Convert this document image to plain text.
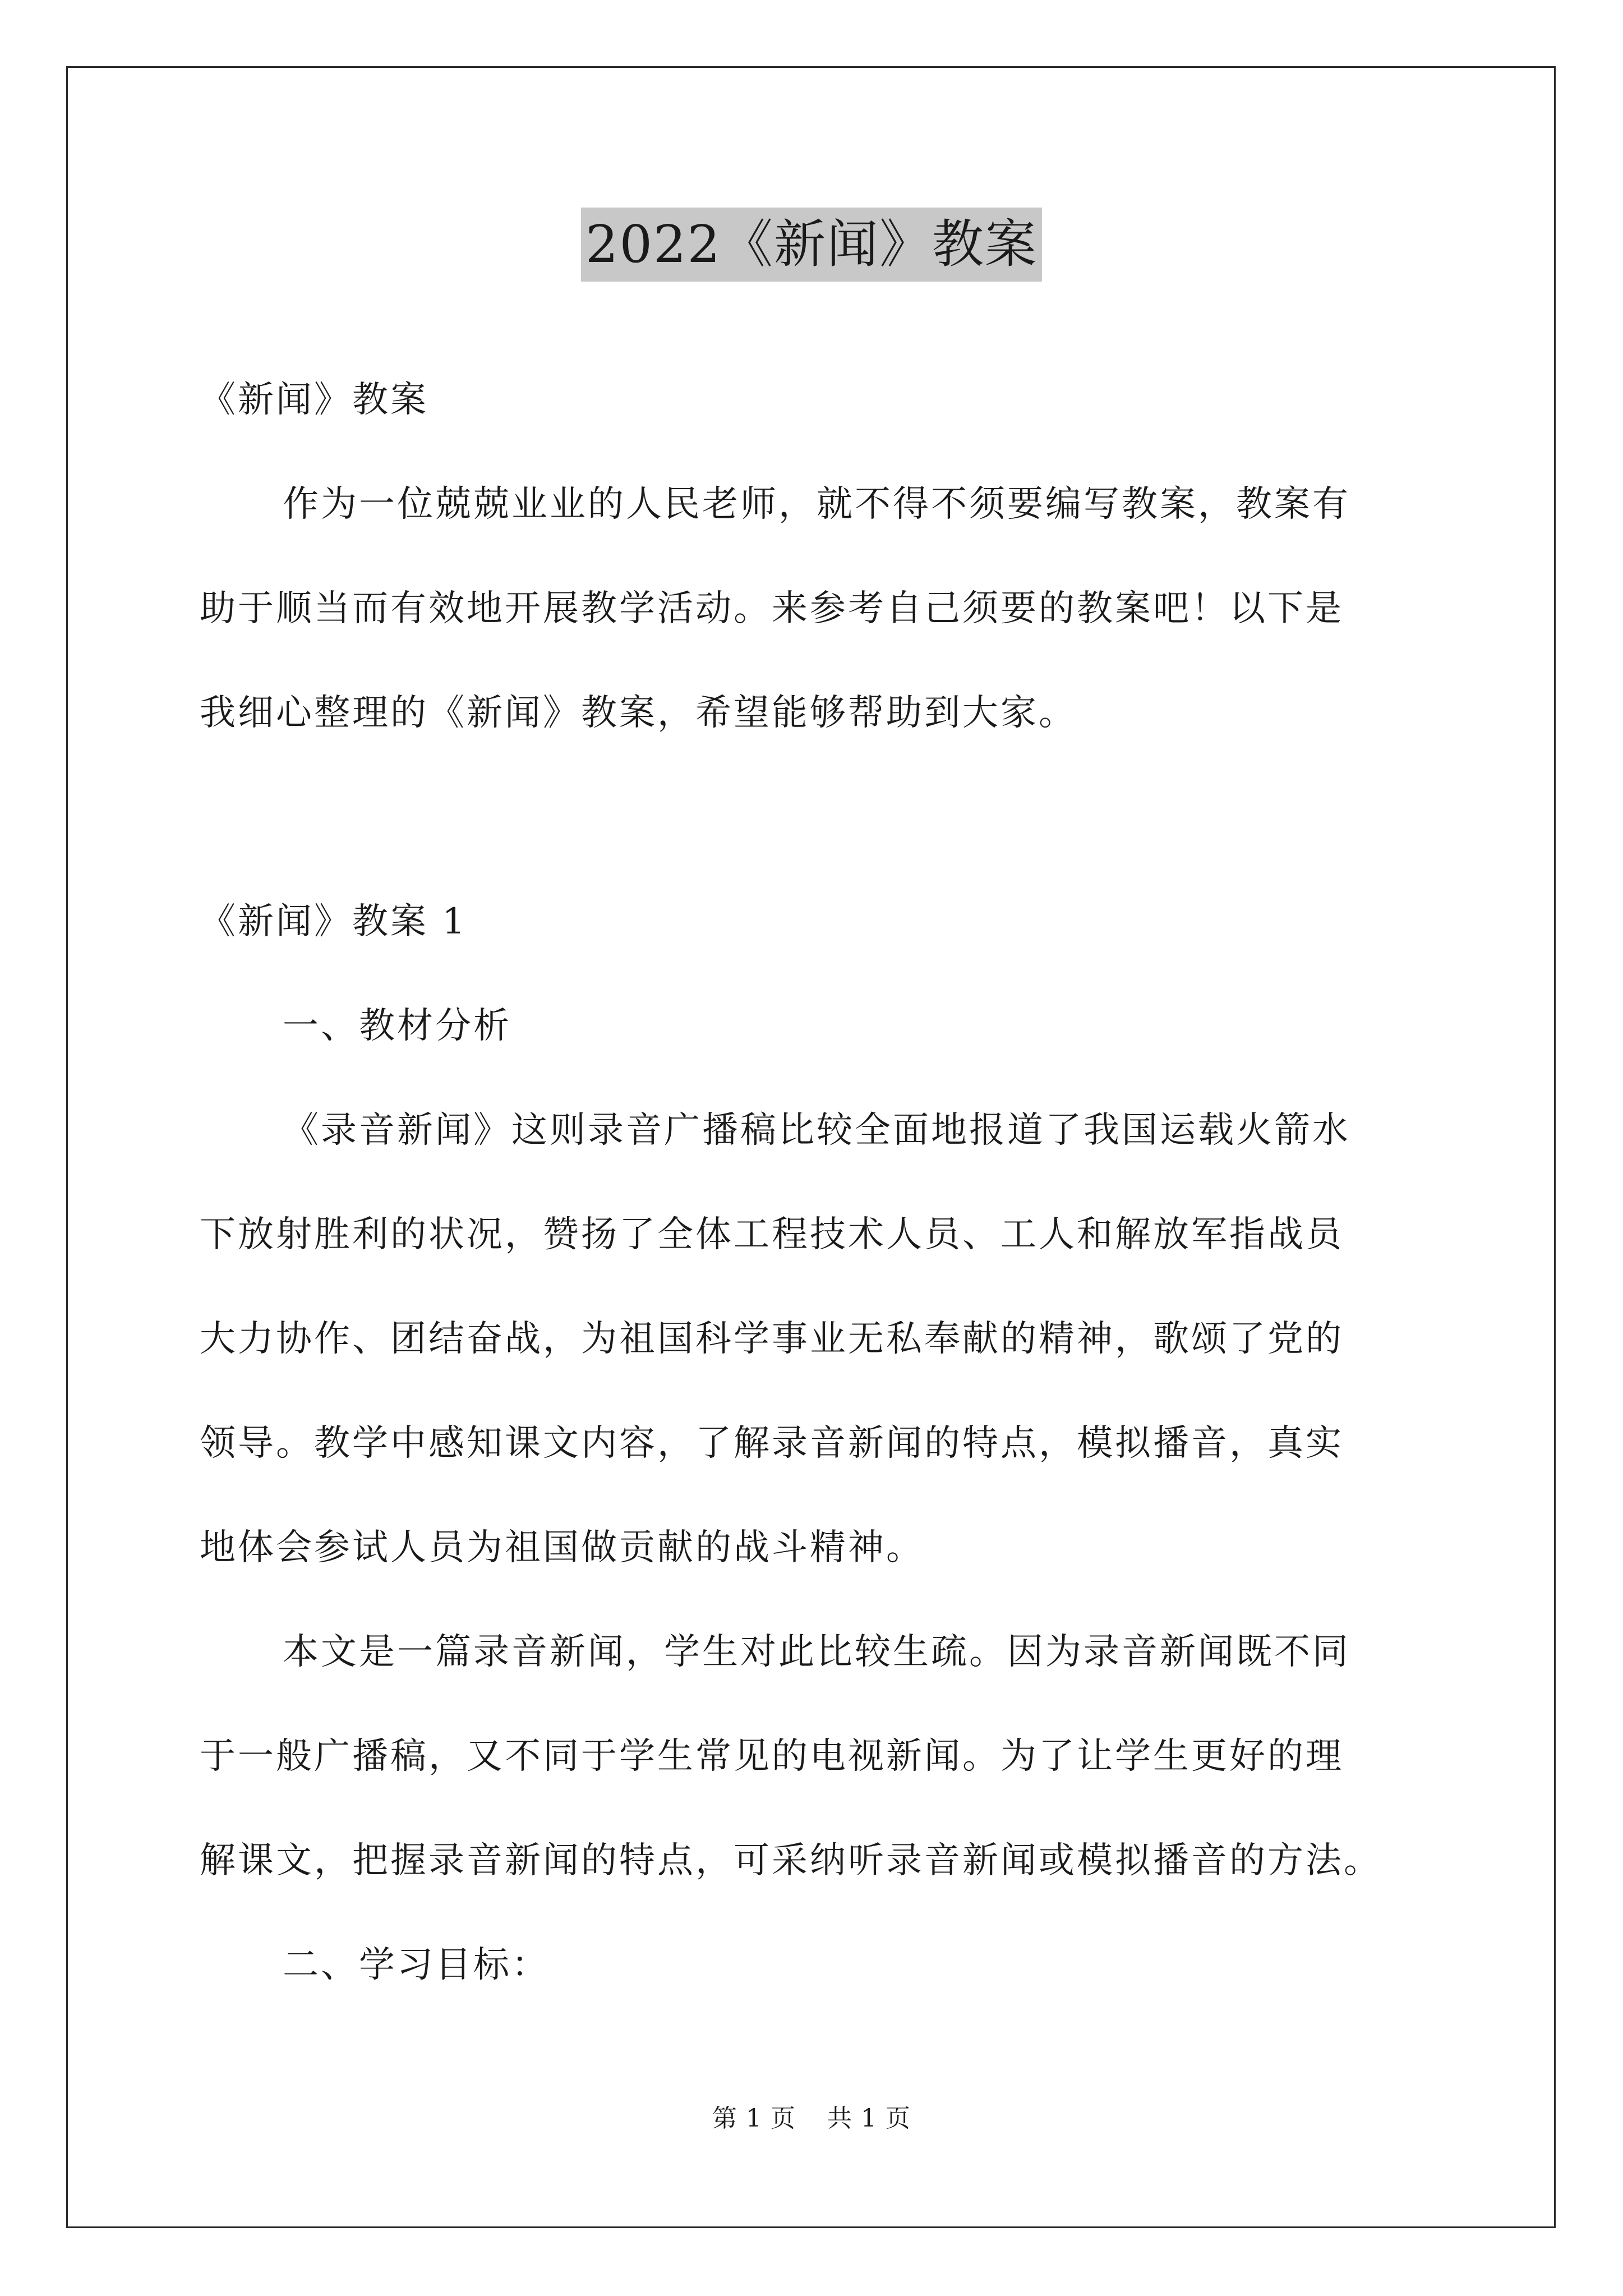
2022《新闻》教案

《新闻》教案

作为一位兢兢业业的人民老师，就不得不须要编写教案，教案有

助于顺当而有效地开展教学活动。来参考自己须要的教案吧！以下是

我细心整理的《新闻》教案，希望能够帮助到大家。

《新闻》教案 1

一、教材分析

《录音新闻》这则录音广播稿比较全面地报道了我国运载火箭水

下放射胜利的状况，赞扬了全体工程技术人员、工人和解放军指战员

大力协作、团结奋战，为祖国科学事业无私奉献的精神，歌颂了党的

领导。教学中感知课文内容，了解录音新闻的特点，模拟播音，真实

地体会参试人员为祖国做贡献的战斗精神。

本文是一篇录音新闻，学生对此比较生疏。因为录音新闻既不同

于一般广播稿，又不同于学生常见的电视新闻。为了让学生更好的理

解课文，把握录音新闻的特点，可采纳听录音新闻或模拟播音的方法。

二、学习目标：

第 1 页 共 1 页
